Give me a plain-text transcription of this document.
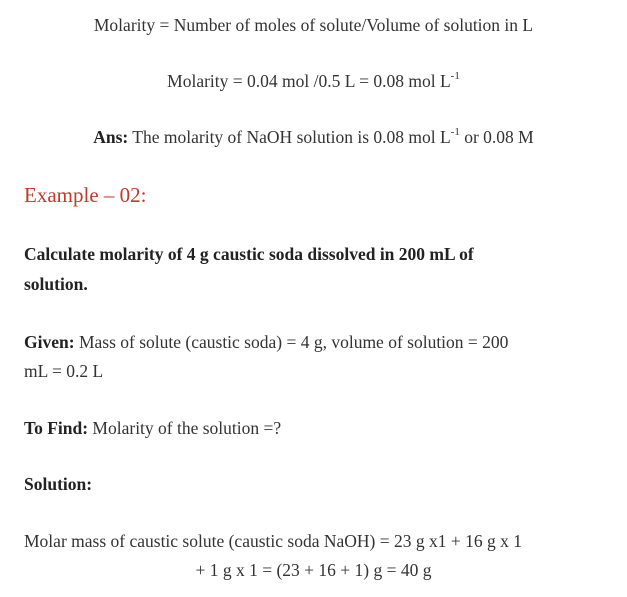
Molarity = Number of moles of solute/Volume of solution in L
Molarity = 0.04 mol /0.5 L = 0.08 mol $L^{-1}$
Ans: The molarity of NaOH solution is 0.08 mol $L^{-1}$ or 0.08 M
Example – 02:
Calculate molarity of 4 g caustic soda dissolved in 200 mL of
solution.
Given: Mass of solute (caustic soda) = 4 g, volume of solution = 200
mL = 0.2 L
To Find: Molarity of the solution =?
Solution:
Molar mass of caustic solute (caustic soda NaOH) = 23 g x1 + 16 g x 1
+ 1 g x 1 = (23 + 16 + 1) g = 40 g
